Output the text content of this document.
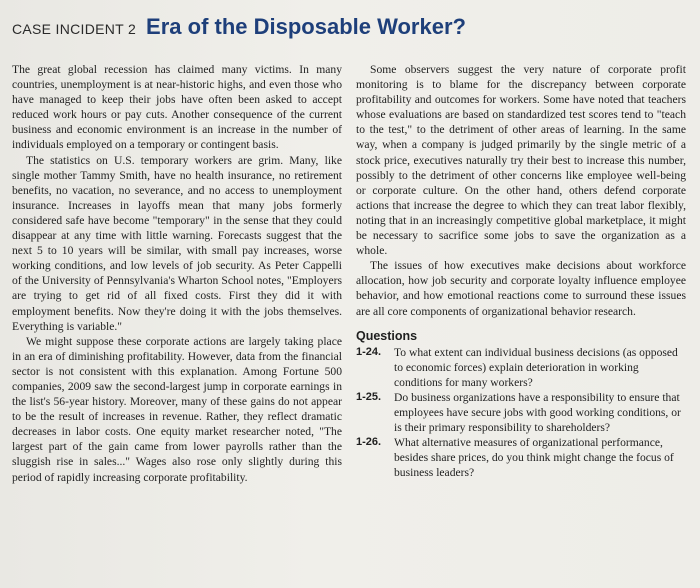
CASE INCIDENT 2 Era of the Disposable Worker?

The great global recession has claimed many victims. In many countries, unemployment is at near-historic highs, and even those who have managed to keep their jobs have often been asked to accept reduced work hours or pay cuts. Another consequence of the current business and economic environment is an increase in the number of individuals employed on a temporary or contingent basis.

The statistics on U.S. temporary workers are grim. Many, like single mother Tammy Smith, have no health insurance, no retirement benefits, no vacation, no severance, and no access to unemployment insurance. Increases in layoffs mean that many jobs formerly considered safe have become "temporary" in the sense that they could disappear at any time with little warning. Forecasts suggest that the next 5 to 10 years will be similar, with small pay increases, worse working conditions, and low levels of job security. As Peter Cappelli of the University of Pennsylvania's Wharton School notes, "Employers are trying to get rid of all fixed costs. First they did it with employment benefits. Now they're doing it with the jobs themselves. Everything is variable."

We might suppose these corporate actions are largely taking place in an era of diminishing profitability. However, data from the financial sector is not consistent with this explanation. Among Fortune 500 companies, 2009 saw the second-largest jump in corporate earnings in the list's 56-year history. Moreover, many of these gains do not appear to be the result of increases in revenue. Rather, they reflect dramatic decreases in labor costs. One equity market researcher noted, "The largest part of the gain came from lower payrolls rather than the sluggish rise in sales..." Wages also rose only slightly during this period of rapidly increasing corporate profitability.

Some observers suggest the very nature of corporate profit monitoring is to blame for the discrepancy between corporate profitability and outcomes for workers. Some have noted that teachers whose evaluations are based on standardized test scores tend to "teach to the test," to the detriment of other areas of learning. In the same way, when a company is judged primarily by the single metric of a stock price, executives naturally try their best to increase this number, possibly to the detriment of other concerns like employee well-being or corporate culture. On the other hand, others defend corporate actions that increase the degree to which they can treat labor flexibly, noting that in an increasingly competitive global marketplace, it might be necessary to sacrifice some jobs to save the organization as a whole.

The issues of how executives make decisions about workforce allocation, how job security and corporate loyalty influence employee behavior, and how emotional reactions come to surround these issues are all core components of organizational behavior research.

Questions
1-24.	To what extent can individual business decisions (as opposed to economic forces) explain deterioration in working conditions for many workers?
1-25.	Do business organizations have a responsibility to ensure that employees have secure jobs with good working conditions, or is their primary responsibility to shareholders?
1-26.	What alternative measures of organizational performance, besides share prices, do you think might change the focus of business leaders?
